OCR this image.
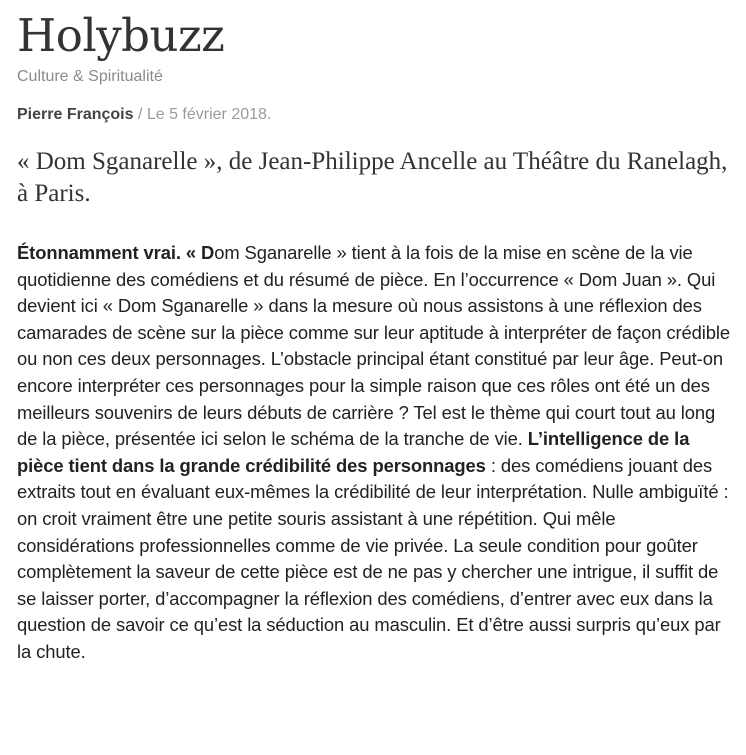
Holybuzz

Culture & Spiritualité

Pierre François / Le 5 février 2018.
« Dom Sganarelle », de Jean-Philippe Ancelle au Théâtre du Ranelagh, à Paris.

Étonnamment vrai. « Dom Sganarelle » tient à la fois de la mise en scène de la vie quotidienne des comédiens et du résumé de pièce. En l’occurrence « Dom Juan ». Qui devient ici « Dom Sganarelle » dans la mesure où nous assistons à une réflexion des camarades de scène sur la pièce comme sur leur aptitude à interpréter de façon crédible ou non ces deux personnages. L’obstacle principal étant constitué par leur âge. Peut-on encore interpréter ces personnages pour la simple raison que ces rôles ont été un des meilleurs souvenirs de leurs débuts de carrière ? Tel est le thème qui court tout au long de la pièce, présentée ici selon le schéma de la tranche de vie. L’intelligence de la pièce tient dans la grande crédibilité des personnages : des comédiens jouant des extraits tout en évaluant eux-mêmes la crédibilité de leur interprétation. Nulle ambiguïté : on croit vraiment être une petite souris assistant à une répétition. Qui mêle considérations professionnelles comme de vie privée. La seule condition pour goûter complètement la saveur de cette pièce est de ne pas y chercher une intrigue, il suffit de se laisser porter, d’accompagner la réflexion des comédiens, d’entrer avec eux dans la question de savoir ce qu’est la séduction au masculin. Et d’être aussi surpris qu’eux par la chute.
